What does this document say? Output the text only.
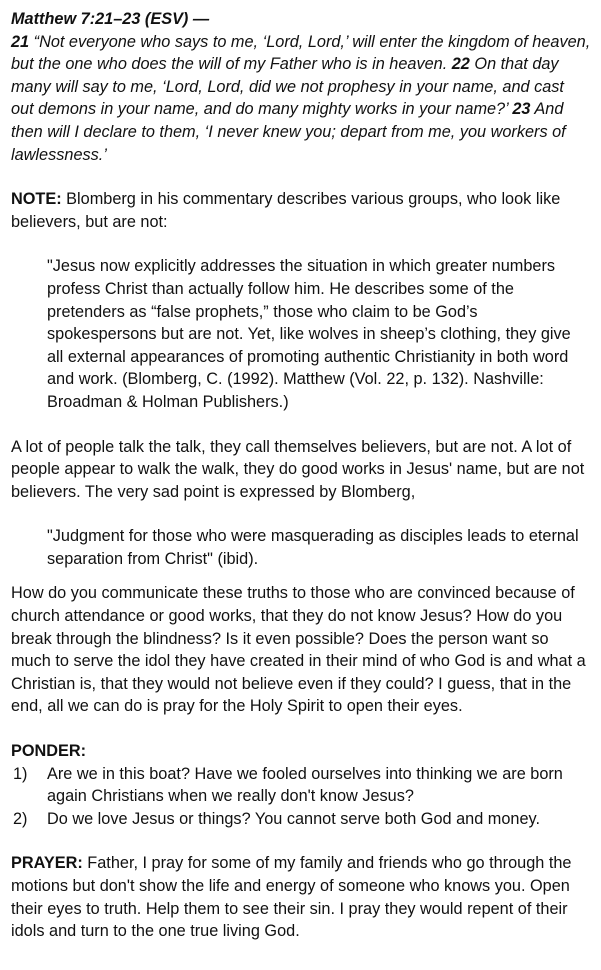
Matthew 7:21–23 (ESV) —
21 “Not everyone who says to me, ‘Lord, Lord,’ will enter the kingdom of heaven, but the one who does the will of my Father who is in heaven. 22 On that day many will say to me, ‘Lord, Lord, did we not prophesy in your name, and cast out demons in your name, and do many mighty works in your name?’ 23 And then will I declare to them, ‘I never knew you; depart from me, you workers of lawlessness.’

NOTE: Blomberg in his commentary describes various groups, who look like believers, but are not:

"Jesus now explicitly addresses the situation in which greater numbers profess Christ than actually follow him. He describes some of the pretenders as “false prophets,” those who claim to be God’s spokespersons but are not. Yet, like wolves in sheep’s clothing, they give all external appearances of promoting authentic Christianity in both word and work. (Blomberg, C. (1992). Matthew (Vol. 22, p. 132). Nashville: Broadman & Holman Publishers.)

A lot of people talk the talk, they call themselves believers, but are not. A lot of people appear to walk the walk, they do good works in Jesus' name, but are not believers. The very sad point is expressed by Blomberg,

"Judgment for those who were masquerading as disciples leads to eternal separation from Christ" (ibid).

How do you communicate these truths to those who are convinced because of church attendance or good works, that they do not know Jesus? How do you break through the blindness? Is it even possible? Does the person want so much to serve the idol they have created in their mind of who God is and what a Christian is, that they would not believe even if they could? I guess, that in the end, all we can do is pray for the Holy Spirit to open their eyes.

PONDER:

1)	Are we in this boat? Have we fooled ourselves into thinking we are born again Christians when we really don't know Jesus?
2)	Do we love Jesus or things? You cannot serve both God and money.

PRAYER: Father, I pray for some of my family and friends who go through the motions but don't show the life and energy of someone who knows you. Open their eyes to truth. Help them to see their sin. I pray they would repent of their idols and turn to the one true living God.
